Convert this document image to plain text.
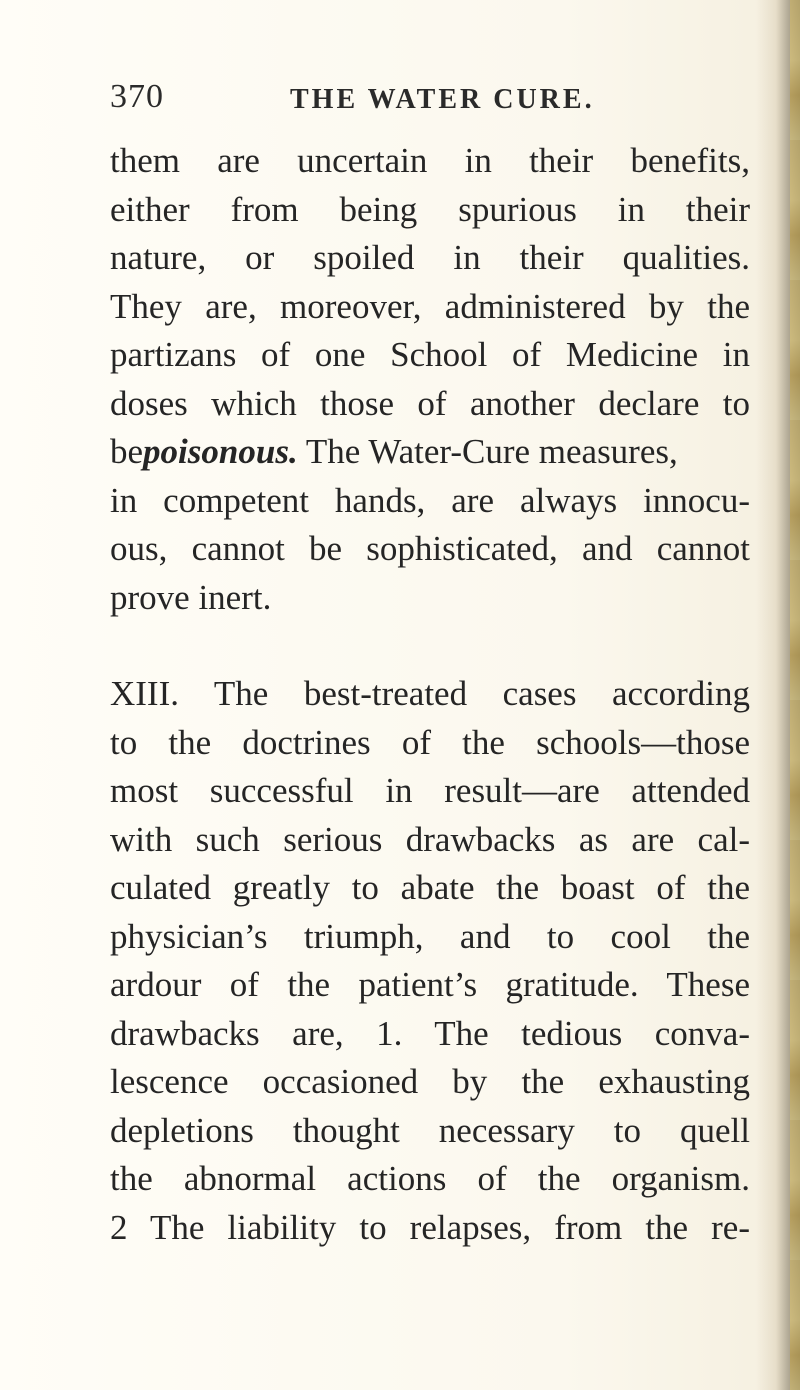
370	THE WATER CURE.
them are uncertain in their benefits,
either from being spurious in their
nature, or spoiled in their qualities.
They are, moreover, administered by the
partizans of one School of Medicine in
doses which those of another declare to
bepoisonous. The Water-Cure measures,
in competent hands, are always innocu-
ous, cannot be sophisticated, and cannot
prove inert.
XIII. The best-treated cases according
to the doctrines of the schools—those
most successful in result—are attended
with such serious drawbacks as are cal-
culated greatly to abate the boast of the
physician’s triumph, and to cool the
ardour of the patient’s gratitude. These
drawbacks are, 1. The tedious conva-
lescence occasioned by the exhausting
depletions thought necessary to quell
the abnormal actions of the organism.
2 The liability to relapses, from the re-
